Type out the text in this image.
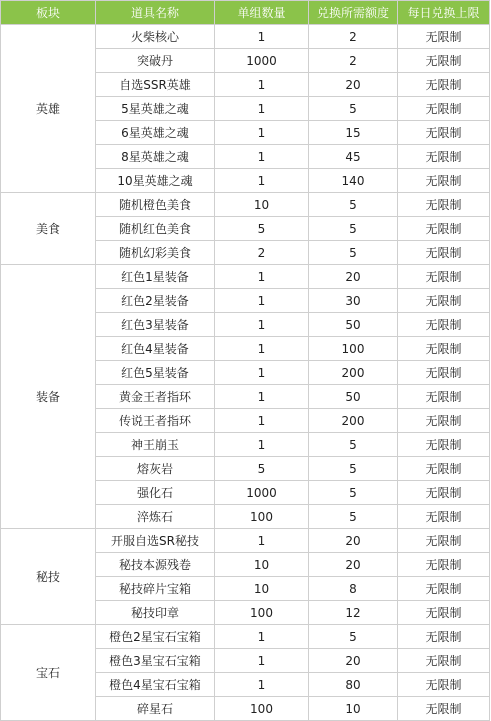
板块	道具名称	单组数量	兑换所需额度	每日兑换上限
英雄	火柴核心	1	2	无限制
	突破丹	1000	2	无限制
	自选SSR英雄	1	20	无限制
	5星英雄之魂	1	5	无限制
	6星英雄之魂	1	15	无限制
	8星英雄之魂	1	45	无限制
	10星英雄之魂	1	140	无限制
美食	随机橙色美食	10	5	无限制
	随机红色美食	5	5	无限制
	随机幻彩美食	2	5	无限制
装备	红色1星装备	1	20	无限制
	红色2星装备	1	30	无限制
	红色3星装备	1	50	无限制
	红色4星装备	1	100	无限制
	红色5星装备	1	200	无限制
	黄金王者指环	1	50	无限制
	传说王者指环	1	200	无限制
	神王崩玉	1	5	无限制
	熔灰岩	5	5	无限制
	强化石	1000	5	无限制
	淬炼石	100	5	无限制
秘技	开服自选SR秘技	1	20	无限制
	秘技本源残卷	10	20	无限制
	秘技碎片宝箱	10	8	无限制
	秘技印章	100	12	无限制
宝石	橙色2星宝石宝箱	1	5	无限制
	橙色3星宝石宝箱	1	20	无限制
	橙色4星宝石宝箱	1	80	无限制
	碎星石	100	10	无限制
